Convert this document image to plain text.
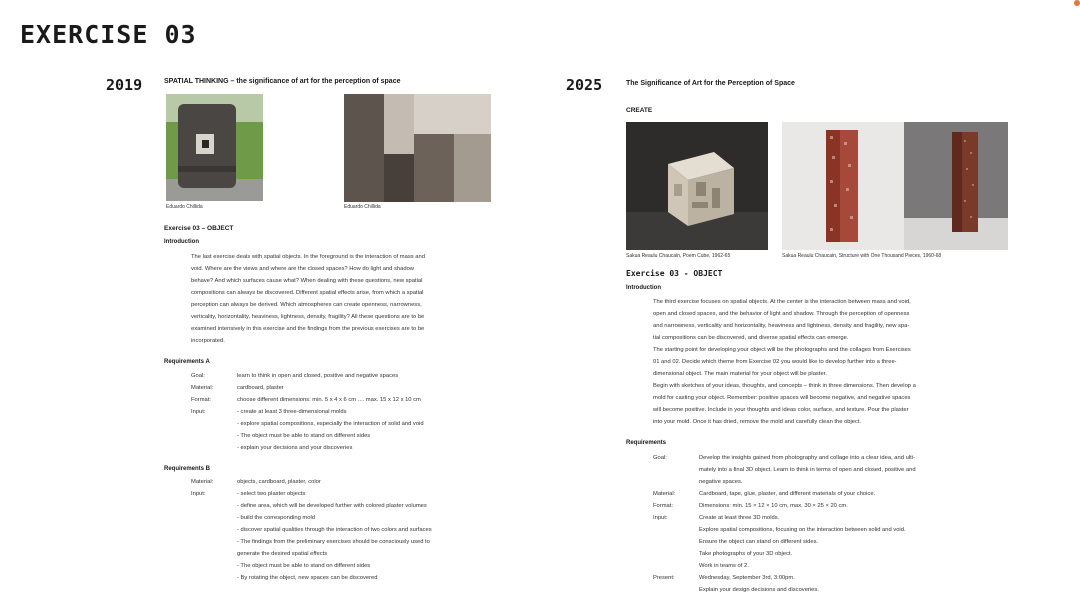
EXERCISE 03
2019	SPATIAL THINKING – the significance of art for the perception of space
Eduardo Chillida	Eduardo Chillida
Exercise 03 – OBJECT
Introduction
The last exercise deals with spatial objects. In the foreground is the interaction of mass and
void. Where are the views and where are the closed spaces? How do light and shadow
behave? And which surfaces cause what? When dealing with these questions, new spatial
compositions can always be discovered. Different spatial effects arise, from which a spatial
perception can always be derived. Which atmospheres can create openness, narrowness,
verticality, horizontality, heaviness, lightness, density, fragility? All these questions are to be
examined intensively in this exercise and the findings from the previous exercises are to be
incorporated.
Requirements A
Goal:	learn to think in open and closed, positive and negative spaces
Material:	cardboard, plaster
Format:	choose different dimensions: min. 5 x 4 x 6 cm .... max. 15 x 12 x 10 cm
Input:	- create at least 3 three-dimensional molds
- explore spatial compositions, especially the interaction of solid and void
- The object must be able to stand on different sides
- explain your decisions and your discoveries
Requirements B
Material:	objects, cardboard, plaster, color
Input:	- select two plaster objects
- define area, which will be developed further with colored plaster volumes
- build the corresponding mold
- discover spatial qualities through the interaction of two colors and surfaces
- The findings from the preliminary exercises should be consciously used to
generate the desired spatial effects
- The object must be able to stand on different sides
- By rotating the object, new spaces can be discovered
2025	The Significance of Art for the Perception of Space
CREATE
Sakua Reaulu Chaucain, Poem Cube, 1962-65	Sakua Reaulu Chaucain, Structure with One Thousand Pieces, 1960-68
Exercise 03 - OBJECT
Introduction
The third exercise focuses on spatial objects. At the center is the interaction between mass and void,
open and closed spaces, and the behavior of light and shadow. Through the perception of openness
and narrowness, verticality and horizontality, heaviness and lightness, density and fragility, new spa-
tial compositions can be discovered, and diverse spatial effects can emerge.
The starting point for developing your object will be the photographs and the collages from Exercises
01 and 02. Decide which theme from Exercise 02 you would like to develop further into a three-
dimensional object. The main material for your object will be plaster.
Begin with sketches of your ideas, thoughts, and concepts – think in three dimensions. Then develop a
mold for casting your object. Remember: positive spaces will become negative, and negative spaces
will become positive. Include in your thoughts and ideas color, surface, and texture. Pour the plaster
into your mold. Once it has dried, remove the mold and carefully clean the object.
Requirements
Goal:	Develop the insights gained from photography and collage into a clear idea, and ulti-
mately into a final 3D object. Learn to think in terms of open and closed, positive and
negative spaces.
Material:	Cardboard, tape, glue, plaster, and different materials of your choice.
Format:	Dimensions: min. 15 × 12 × 10 cm, max. 30 × 25 × 20 cm.
Input:	Create at least three 3D molds.
Explore spatial compositions, focusing on the interaction between solid and void.
Ensure the object can stand on different sides.
Take photographs of your 3D object.
Work in teams of 2.
Present:	Wednesday, September 3rd, 3:00pm.
Explain your design decisions and discoveries.
